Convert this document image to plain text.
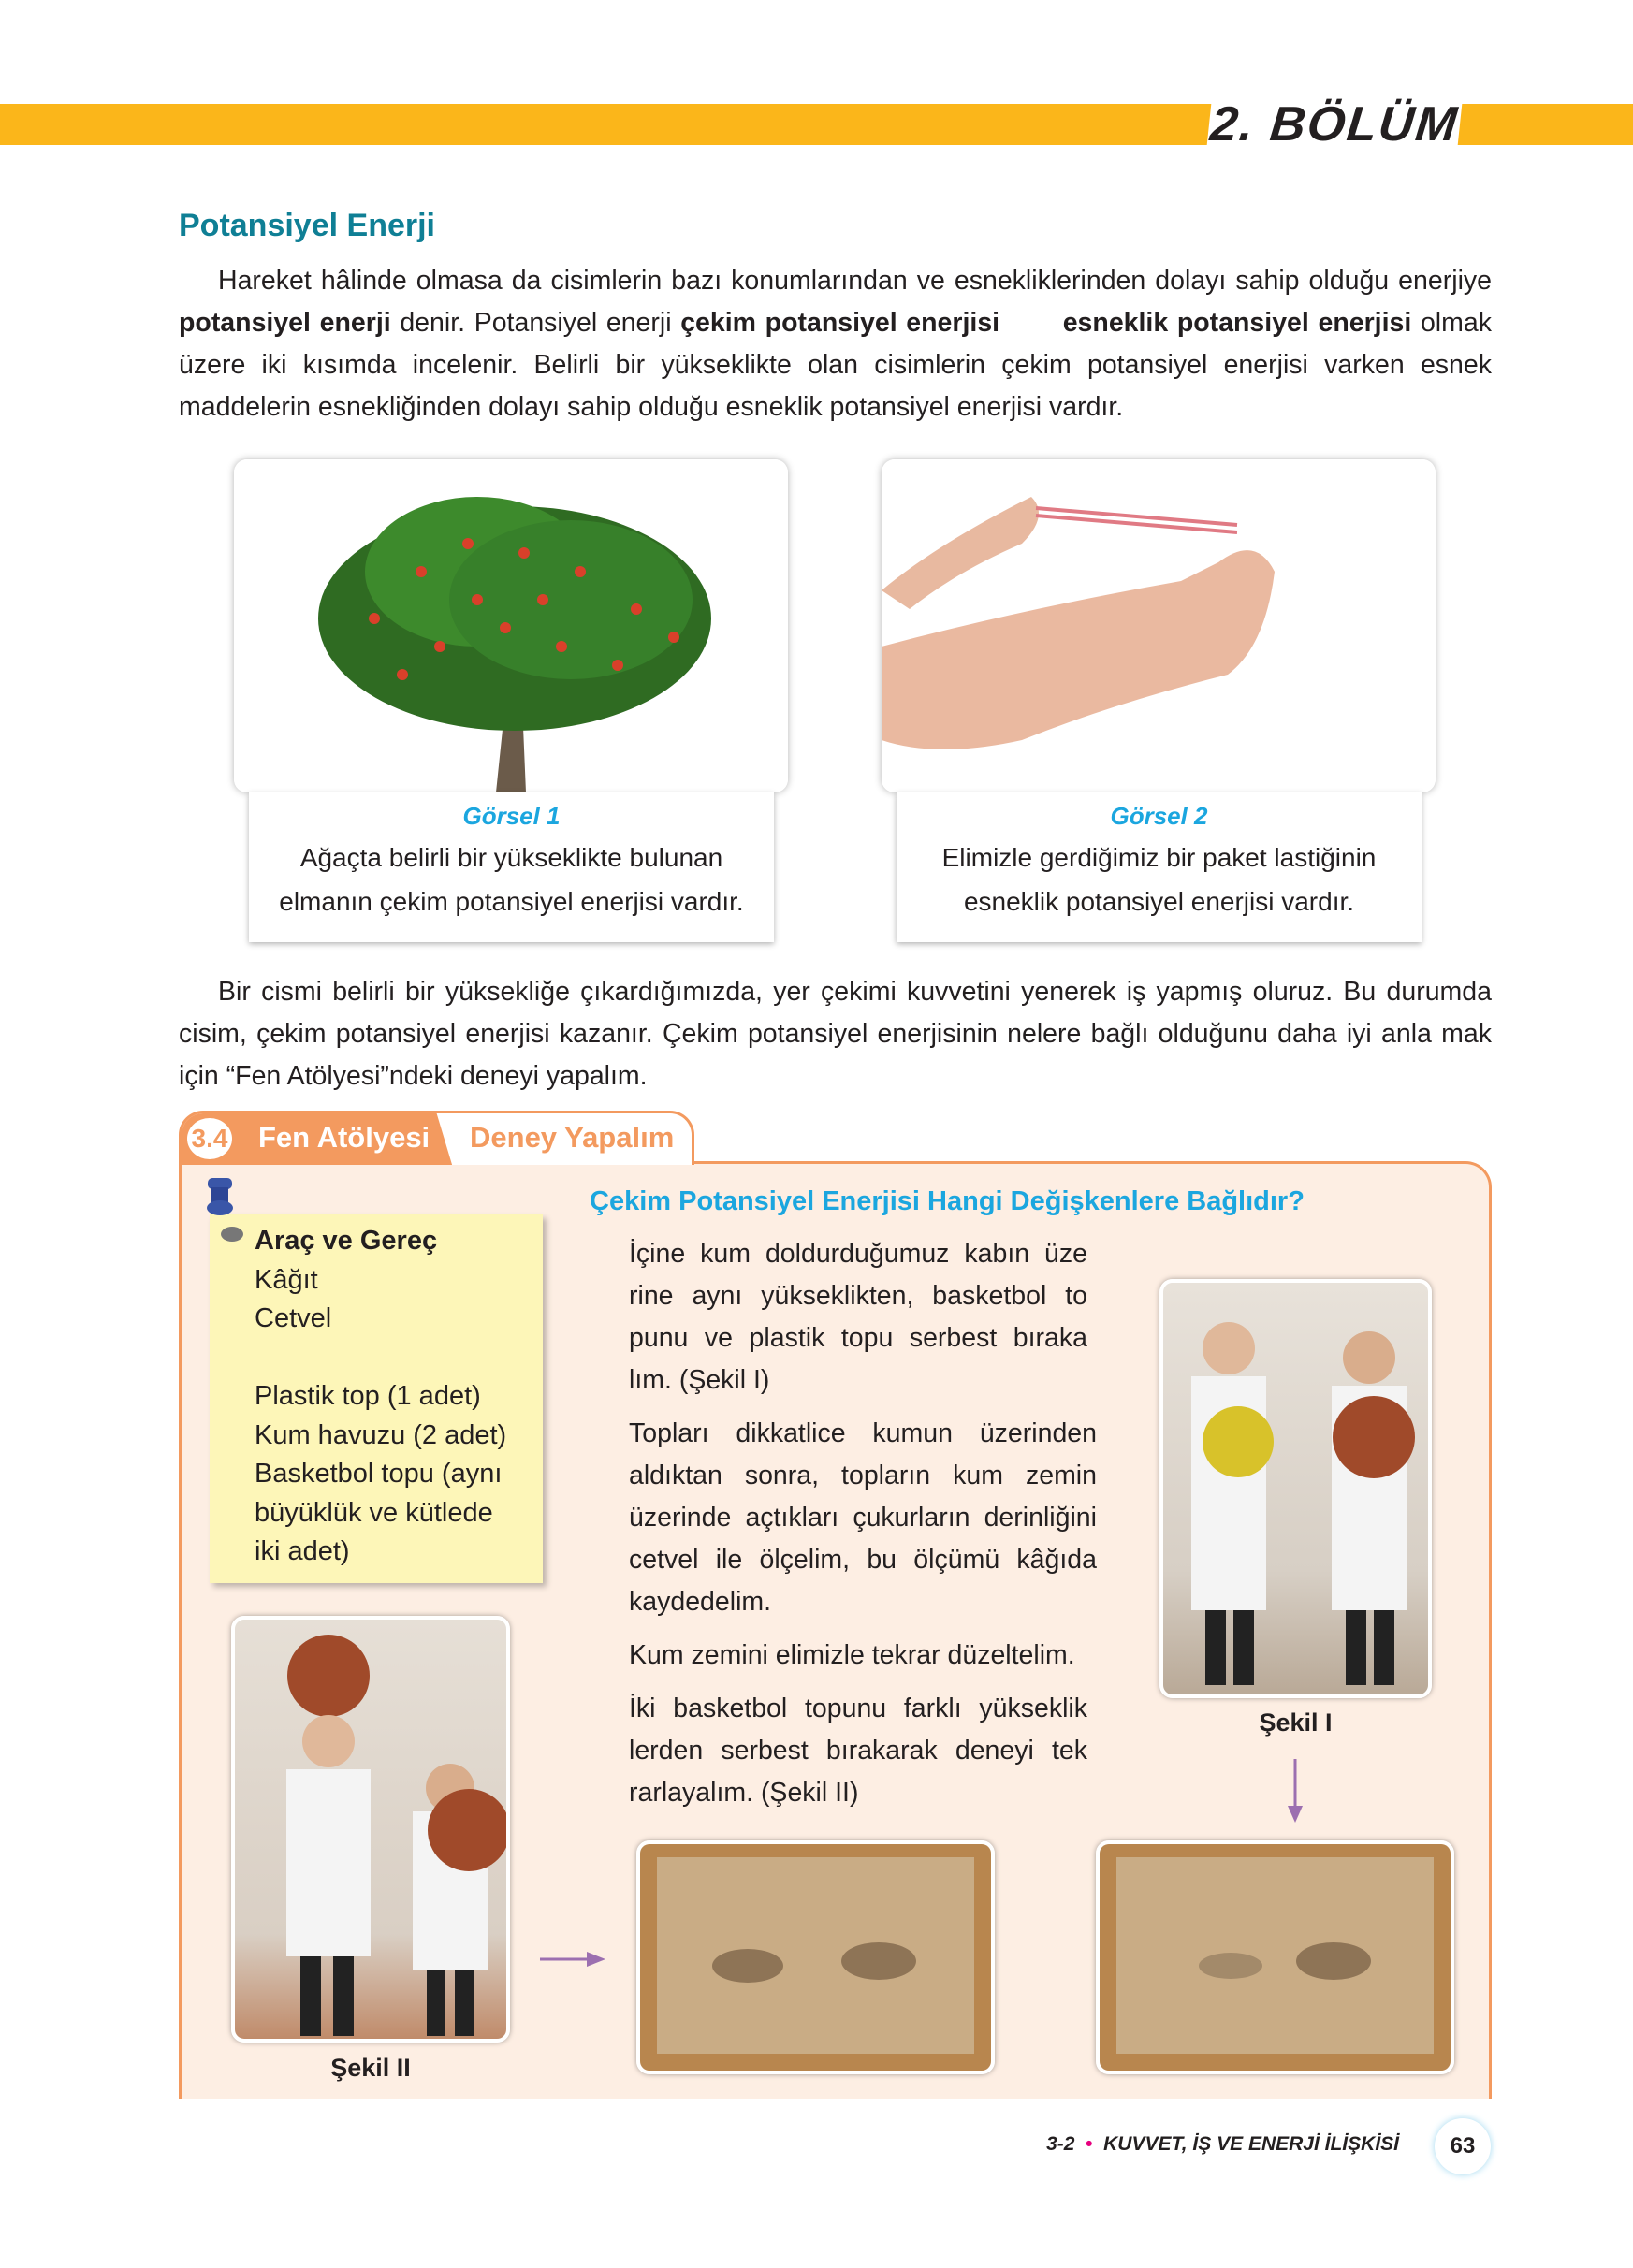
2. BÖLÜM
Potansiyel Enerji

Hareket hâlinde olmasa da cisimlerin bazı konumlarından ve esnekliklerinden dolayı sahip olduğu enerjiye potansiyel enerji denir. Potansiyel enerji çekim potansiyel enerjisi esneklik potansiyel enerjisi olmak üzere iki kısımda incelenir. Belirli bir yükseklikte olan cisimlerin çekim potansiyel enerjisi varken esnek maddelerin esnekliğinden dolayı sahip olduğu esneklik potansiyel enerjisi vardır.

Görsel 1
Ağaçta belirli bir yükseklikte bulunan
elmanın çekim potansiyel enerjisi vardır.
Görsel 2
Elimizle gerdiğimiz bir paket lastiğinin
esneklik potansiyel enerjisi vardır.

Bir cismi belirli bir yüksekliğe çıkardığımızda, yer çekimi kuvvetini yenerek iş yapmış oluruz. Bu durumda cisim, çekim potansiyel enerjisi kazanır. Çekim potansiyel enerjisinin nelere bağlı olduğunu daha iyi anla mak için “Fen Atölyesi”ndeki deneyi yapalım.

3.4 Fen Atölyesi Deney Yapalım
Araç ve Gereç
Kâğıt
Cetvel
Plastik top (1 adet)
Kum havuzu (2 adet)
Basketbol topu (aynı
büyüklük ve kütlede
iki adet)
Çekim Potansiyel Enerjisi Hangi Değişkenlere Bağlıdır?

İçine kum doldurduğumuz kabın üze rine aynı yükseklikten, basketbol to punu ve plastik topu serbest bıraka lım. (Şekil I)

Topları dikkatlice kumun üzerinden aldıktan sonra, topların kum zemin üzerinde açtıkları çukurların derinliğini cetvel ile ölçelim, bu ölçümü kâğıda kaydedelim.

Kum zemini elimizle tekrar düzeltelim.

İki basketbol topunu farklı yükseklik lerden serbest bırakarak deneyi tek rarlayalım. (Şekil II)

Şekil I
Şekil II
3-2  •  KUVVET, İŞ VE ENERJİ İLİŞKİSİ	63
